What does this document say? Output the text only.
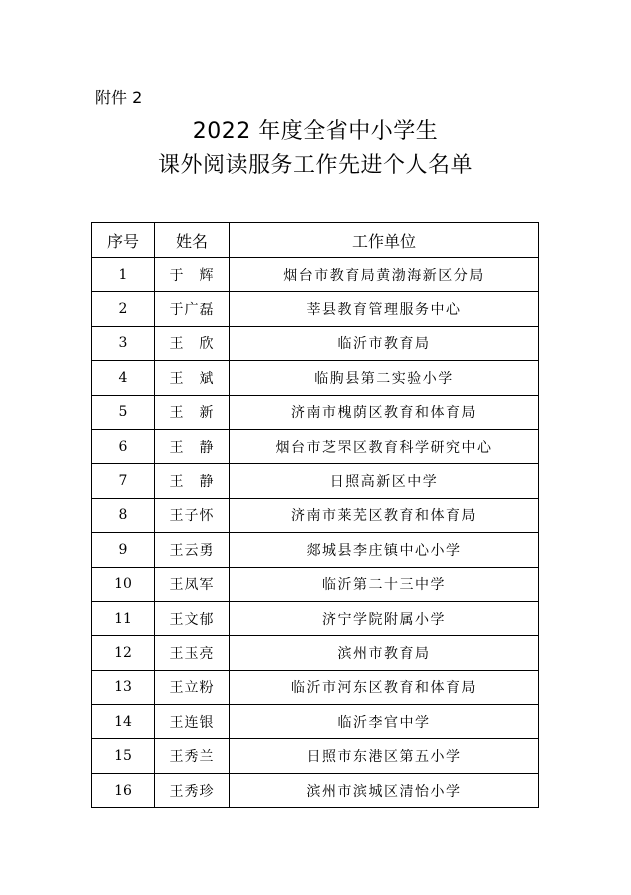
附件 2
2022 年度全省中小学生
课外阅读服务工作先进个人名单
序号	姓名	工作单位
1	于　辉	烟台市教育局黄渤海新区分局
2	于广磊	莘县教育管理服务中心
3	王　欣	临沂市教育局
4	王　斌	临朐县第二实验小学
5	王　新	济南市槐荫区教育和体育局
6	王　静	烟台市芝罘区教育科学研究中心
7	王　静	日照高新区中学
8	王子怀	济南市莱芜区教育和体育局
9	王云勇	郯城县李庄镇中心小学
10	王凤军	临沂第二十三中学
11	王文郁	济宁学院附属小学
12	王玉亮	滨州市教育局
13	王立粉	临沂市河东区教育和体育局
14	王连银	临沂李官中学
15	王秀兰	日照市东港区第五小学
16	王秀珍	滨州市滨城区清怡小学
